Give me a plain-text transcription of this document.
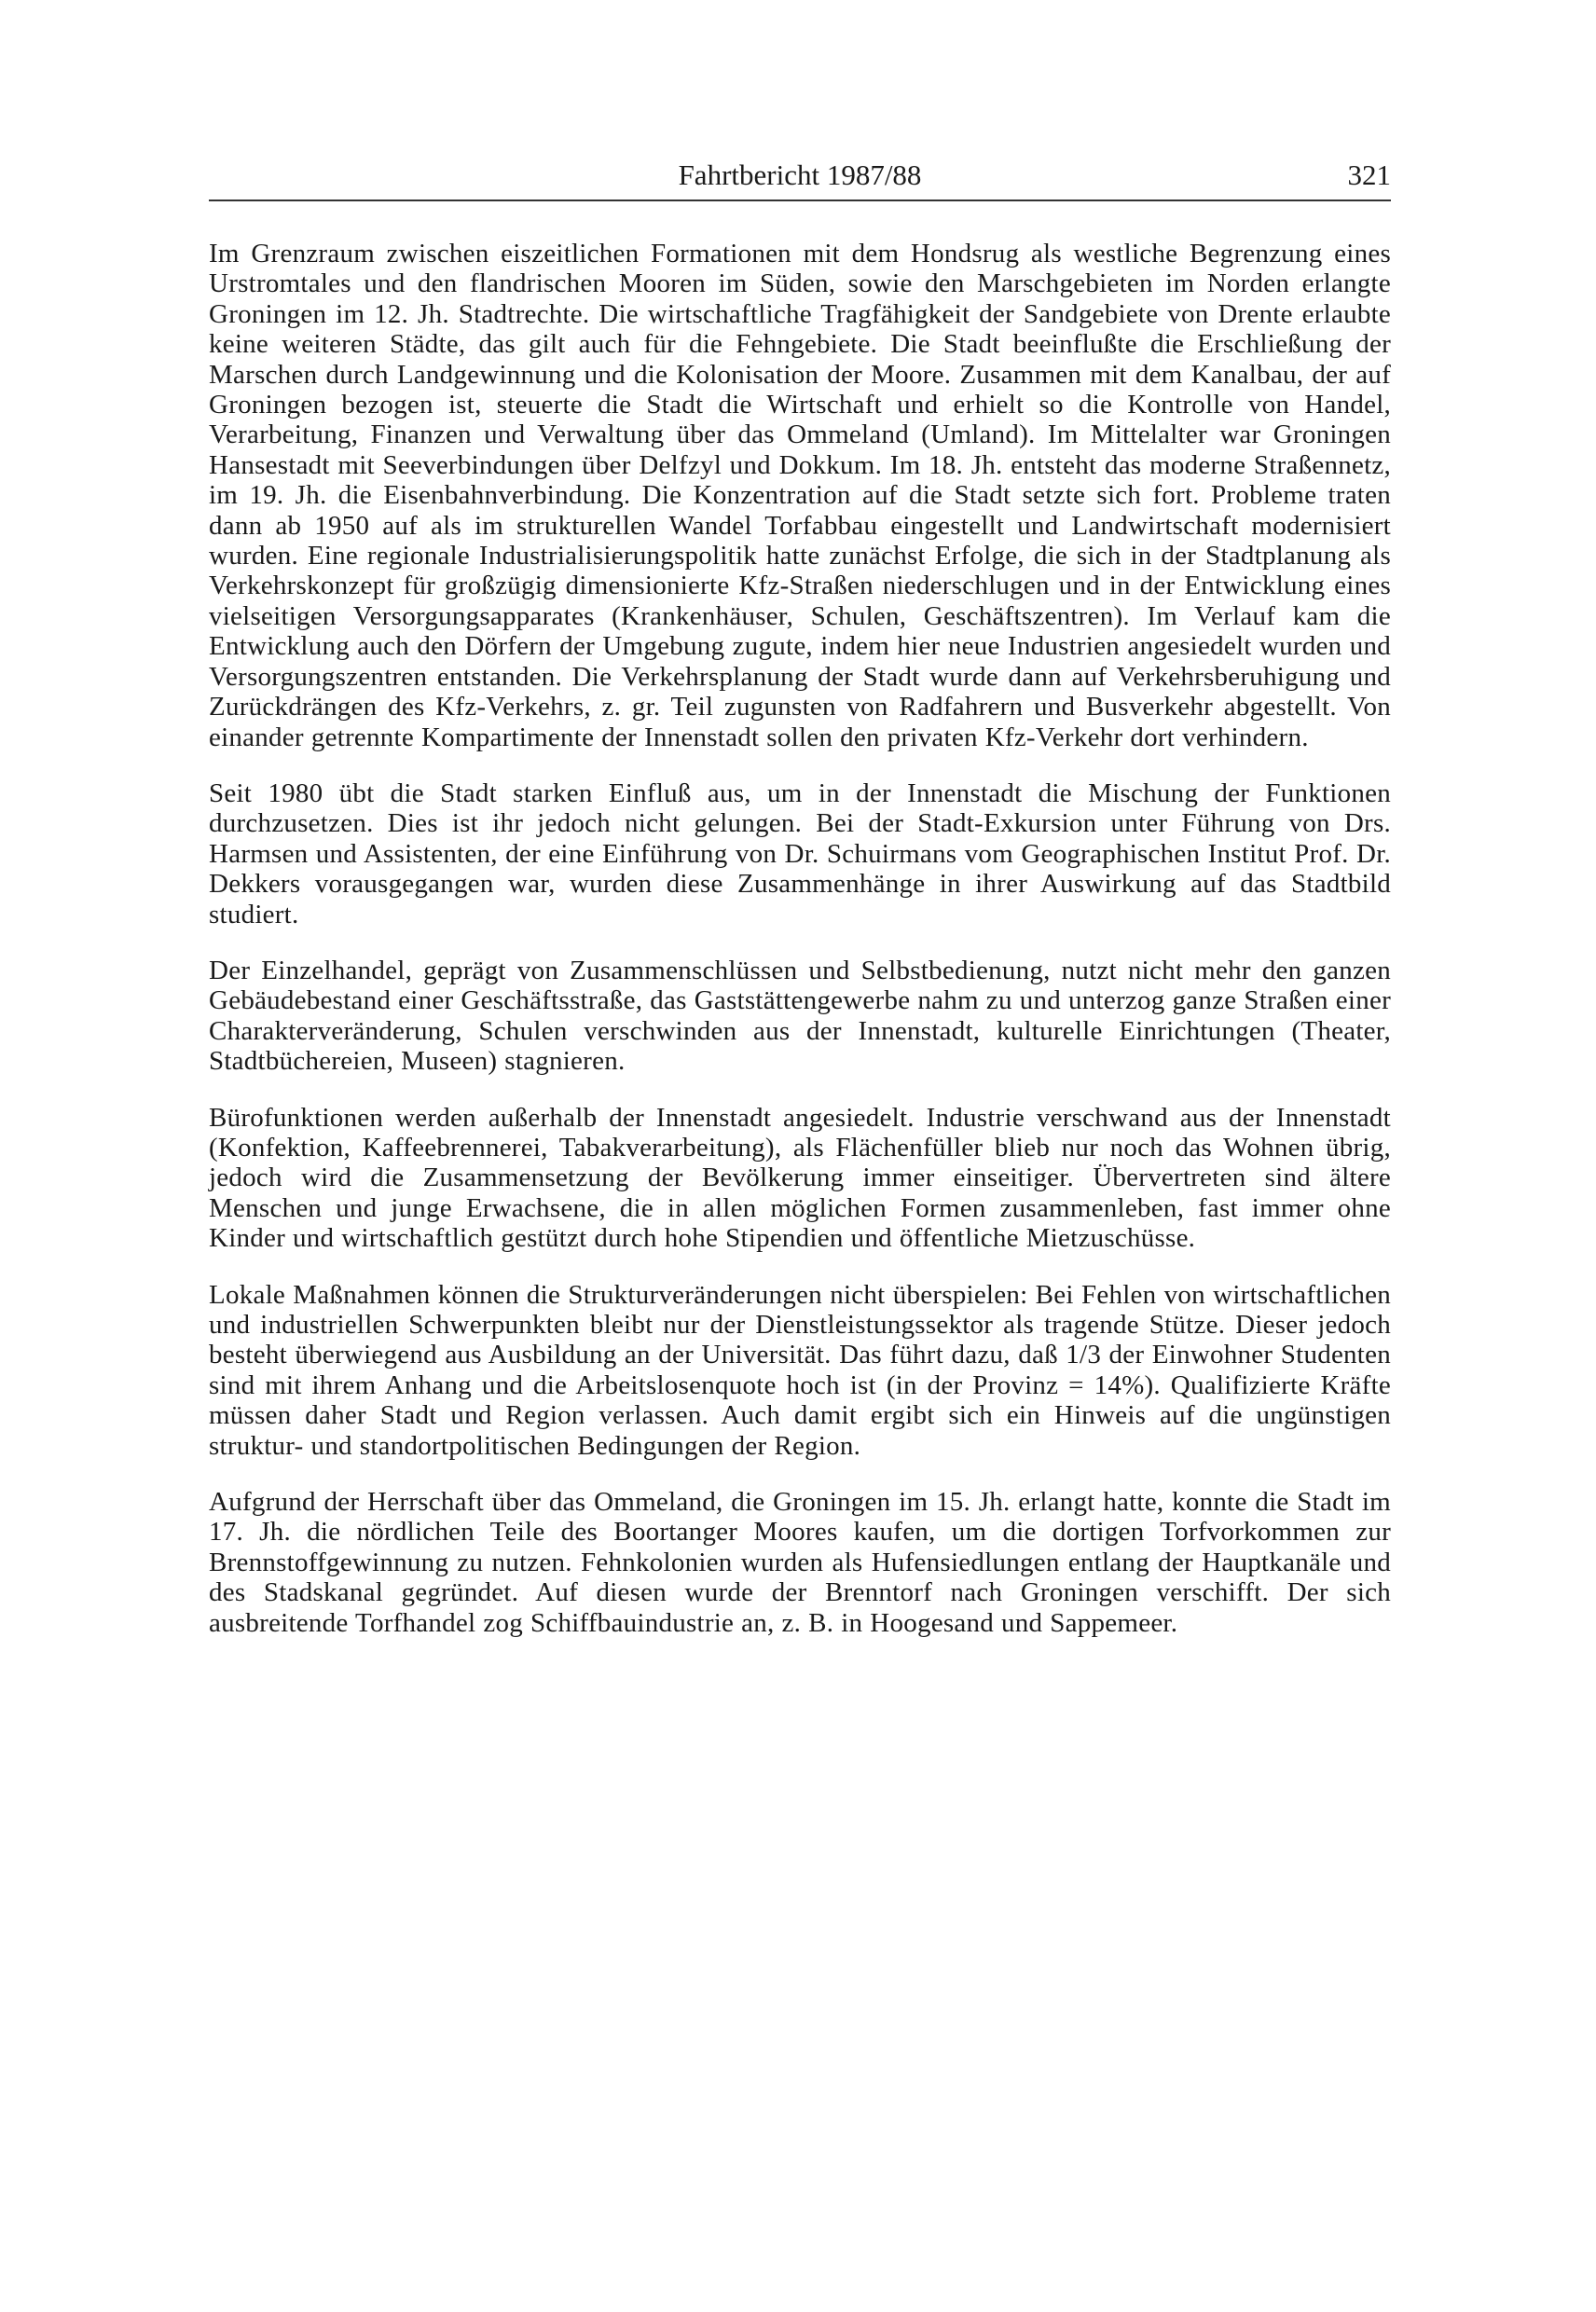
Fahrtbericht 1987/88	321

Im Grenzraum zwischen eiszeitlichen Formationen mit dem Hondsrug als westliche Begrenzung eines Urstromtales und den flandrischen Mooren im Süden, sowie den Marschgebieten im Norden erlangte Groningen im 12. Jh. Stadtrechte. Die wirtschaftliche Tragfähigkeit der Sandgebiete von Drente erlaubte keine weiteren Städte, das gilt auch für die Fehngebiete. Die Stadt beeinflußte die Erschließung der Marschen durch Landgewinnung und die Kolonisation der Moore. Zusammen mit dem Kanalbau, der auf Groningen bezogen ist, steuerte die Stadt die Wirtschaft und erhielt so die Kontrolle von Handel, Verarbeitung, Finanzen und Verwaltung über das Ommeland (Umland). Im Mittelalter war Groningen Hansestadt mit Seeverbindungen über Delfzyl und Dokkum. Im 18. Jh. entsteht das moderne Straßennetz, im 19. Jh. die Eisenbahnverbindung. Die Konzentration auf die Stadt setzte sich fort. Probleme traten dann ab 1950 auf als im strukturellen Wandel Torfabbau eingestellt und Landwirtschaft modernisiert wurden. Eine regionale Industrialisierungspolitik hatte zunächst Erfolge, die sich in der Stadtplanung als Verkehrskonzept für großzügig dimensionierte Kfz-Straßen niederschlugen und in der Entwicklung eines vielseitigen Versorgungsapparates (Krankenhäuser, Schulen, Geschäftszentren). Im Verlauf kam die Entwicklung auch den Dörfern der Umgebung zugute, indem hier neue Industrien angesiedelt wurden und Versorgungszentren entstanden. Die Verkehrsplanung der Stadt wurde dann auf Verkehrsberuhigung und Zurückdrängen des Kfz-Verkehrs, z. gr. Teil zugunsten von Radfahrern und Busverkehr abgestellt. Von einander getrennte Kompartimente der Innenstadt sollen den privaten Kfz-Verkehr dort verhindern.

Seit 1980 übt die Stadt starken Einfluß aus, um in der Innenstadt die Mischung der Funktionen durchzusetzen. Dies ist ihr jedoch nicht gelungen. Bei der Stadt-Exkursion unter Führung von Drs. Harmsen und Assistenten, der eine Einführung von Dr. Schuirmans vom Geographischen Institut Prof. Dr. Dekkers vorausgegangen war, wurden diese Zusammenhänge in ihrer Auswirkung auf das Stadtbild studiert.

Der Einzelhandel, geprägt von Zusammenschlüssen und Selbstbedienung, nutzt nicht mehr den ganzen Gebäudebestand einer Geschäftsstraße, das Gaststättengewerbe nahm zu und unterzog ganze Straßen einer Charakterveränderung, Schulen verschwinden aus der Innenstadt, kulturelle Einrichtungen (Theater, Stadtbüchereien, Museen) stagnieren.

Bürofunktionen werden außerhalb der Innenstadt angesiedelt. Industrie verschwand aus der Innenstadt (Konfektion, Kaffeebrennerei, Tabakverarbeitung), als Flächenfüller blieb nur noch das Wohnen übrig, jedoch wird die Zusammensetzung der Bevölkerung immer einseitiger. Übervertreten sind ältere Menschen und junge Erwachsene, die in allen möglichen Formen zusammenleben, fast immer ohne Kinder und wirtschaftlich gestützt durch hohe Stipendien und öffentliche Mietzuschüsse.

Lokale Maßnahmen können die Strukturveränderungen nicht überspielen: Bei Fehlen von wirtschaftlichen und industriellen Schwerpunkten bleibt nur der Dienstleistungssektor als tragende Stütze. Dieser jedoch besteht überwiegend aus Ausbildung an der Universität. Das führt dazu, daß 1/3 der Einwohner Studenten sind mit ihrem Anhang und die Arbeitslosenquote hoch ist (in der Provinz = 14%). Qualifizierte Kräfte müssen daher Stadt und Region verlassen. Auch damit ergibt sich ein Hinweis auf die ungünstigen struktur- und standortpolitischen Bedingungen der Region.

Aufgrund der Herrschaft über das Ommeland, die Groningen im 15. Jh. erlangt hatte, konnte die Stadt im 17. Jh. die nördlichen Teile des Boortanger Moores kaufen, um die dortigen Torfvorkommen zur Brennstoffgewinnung zu nutzen. Fehnkolonien wurden als Hufensiedlungen entlang der Hauptkanäle und des Stadskanal gegründet. Auf diesen wurde der Brenntorf nach Groningen verschifft. Der sich ausbreitende Torfhandel zog Schiffbauindustrie an, z. B. in Hoogesand und Sappemeer.
